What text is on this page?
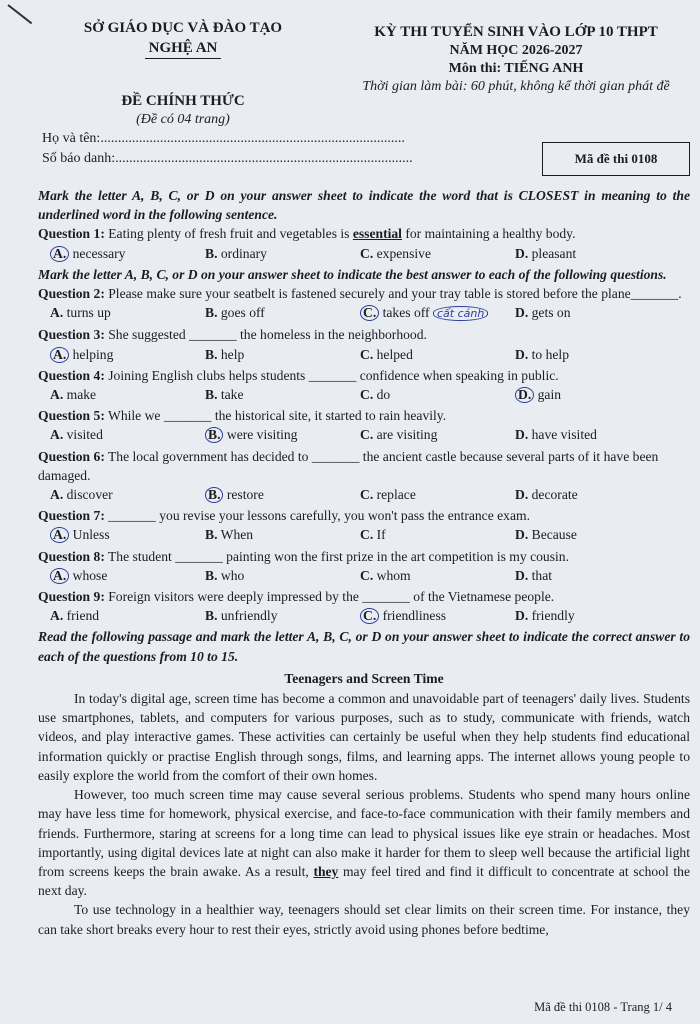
SỞ GIÁO DỤC VÀ ĐÀO TẠO
NGHỆ AN
ĐỀ CHÍNH THỨC
(Đề có 04 trang)
KỲ THI TUYỂN SINH VÀO LỚP 10 THPT
NĂM HỌC 2026-2027
Môn thi: TIẾNG ANH
Thời gian làm bài: 60 phút, không kể thời gian phát đề
Họ và tên:.......................................................................................
Số báo danh:.....................................................................................	Mã đề thi 0108

Mark the letter A, B, C, or D on your answer sheet to indicate the word that is CLOSEST in meaning to the underlined word in the following sentence.

Question 1: Eating plenty of fresh fruit and vegetables is essential for maintaining a healthy body.

A. necessary	B. ordinary	C. expensive	D. pleasant

Mark the letter A, B, C, or D on your answer sheet to indicate the best answer to each of the following questions.

Question 2: Please make sure your seatbelt is fastened securely and your tray table is stored before the plane_______.

A. turns up	B. goes off	C. takes off cất cánh	D. gets on

Question 3: She suggested _______ the homeless in the neighborhood.

A. helping	B. help	C. helped	D. to help

Question 4: Joining English clubs helps students _______ confidence when speaking in public.

A. make	B. take	C. do	D. gain

Question 5: While we _______ the historical site, it started to rain heavily.

A. visited	B. were visiting	C. are visiting	D. have visited

Question 6: The local government has decided to _______ the ancient castle because several parts of it have been damaged.

A. discover	B. restore	C. replace	D. decorate

Question 7: _______ you revise your lessons carefully, you won't pass the entrance exam.

A. Unless	B. When	C. If	D. Because

Question 8: The student _______ painting won the first prize in the art competition is my cousin.

A. whose	B. who	C. whom	D. that

Question 9: Foreign visitors were deeply impressed by the _______ of the Vietnamese people.

A. friend	B. unfriendly	C. friendliness	D. friendly

Read the following passage and mark the letter A, B, C, or D on your answer sheet to indicate the correct answer to each of the questions from 10 to 15.

Teenagers and Screen Time

In today's digital age, screen time has become a common and unavoidable part of teenagers' daily lives. Students use smartphones, tablets, and computers for various purposes, such as to study, communicate with friends, watch videos, and play interactive games. These activities can certainly be useful when they help students find educational information quickly or practise English through songs, films, and learning apps. The internet allows young people to easily explore the world from the comfort of their own homes.

However, too much screen time may cause several serious problems. Students who spend many hours online may have less time for homework, physical exercise, and face-to-face communication with their family members and friends. Furthermore, staring at screens for a long time can lead to physical issues like eye strain or headaches. Most importantly, using digital devices late at night can also make it harder for them to sleep well because the artificial light from screens keeps the brain awake. As a result, they may feel tired and find it difficult to concentrate at school the next day.

To use technology in a healthier way, teenagers should set clear limits on their screen time. For instance, they can take short breaks every hour to rest their eyes, strictly avoid using phones before bedtime,

Mã đề thi 0108 - Trang 1/ 4
